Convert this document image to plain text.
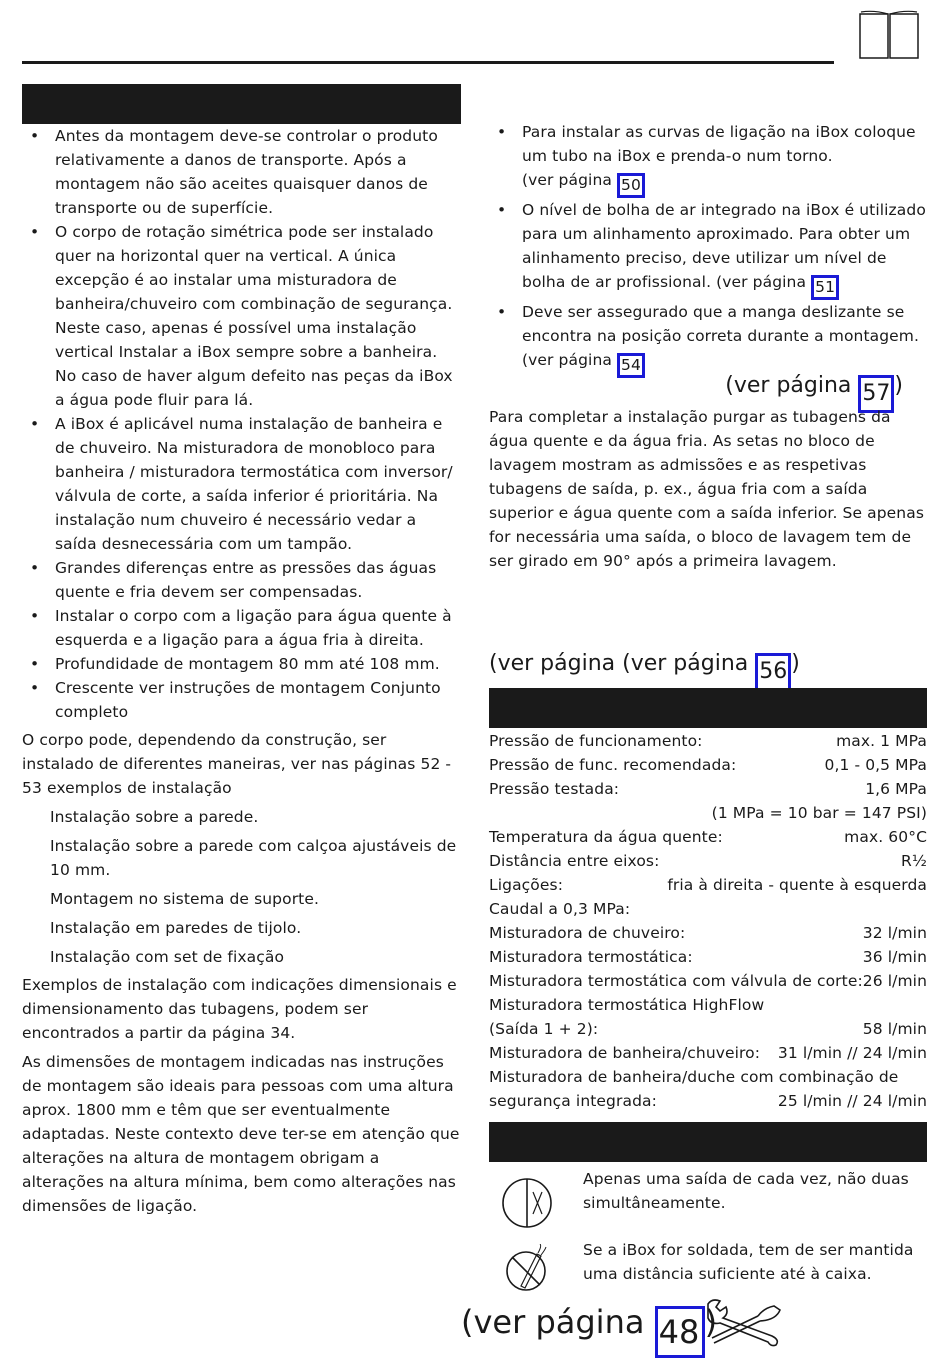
• Antes da montagem deve-se controlar o produto relativamente a danos de transporte. Após a montagem não são aceites quaisquer danos de transporte ou de superfície.
• O corpo de rotação simétrica pode ser instalado quer na horizontal quer na vertical. A única excepção é ao instalar uma misturadora de banheira/chuveiro com combinação de segurança. Neste caso, apenas é possível uma instalação vertical Instalar a iBox sempre sobre a banheira. No caso de haver algum defeito nas peças da iBox a água pode fluir para lá.
• A iBox é aplicável numa instalação de banheira e de chuveiro. Na misturadora de monobloco para banheira / misturadora termostática com inversor/ válvula de corte, a saída inferior é prioritária. Na instalação num chuveiro é necessário vedar a saída desnecessária com um tampão.
• Grandes diferenças entre as pressões das águas quente e fria devem ser compensadas.
• Instalar o corpo com a ligação para água quente à esquerda e a ligação para a água fria à direita.
• Profundidade de montagem 80 mm até 108 mm.
• Crescente ver instruções de montagem Conjunto completo

O corpo pode, dependendo da construção, ser instalado de diferentes maneiras, ver nas páginas 52 - 53 exemplos de instalação

Instalação sobre a parede.

Instalação sobre a parede com calçoa ajustáveis de 10 mm.

Montagem no sistema de suporte.

Instalação em paredes de tijolo.

Instalação com set de fixação

Exemplos de instalação com indicações dimensionais e dimensionamento das tubagens, podem ser encontrados a partir da página 34.

As dimensões de montagem indicadas nas instruções de montagem são ideais para pessoas com uma altura aprox. 1800 mm e têm que ser eventualmente adaptadas. Neste contexto deve ter-se em atenção que alterações na altura de montagem obrigam a alterações na altura mínima, bem como alterações nas dimensões de ligação.

• Para instalar as curvas de ligação na iBox coloque um tubo na iBox e prenda-o num torno.
(ver página 50
• O nível de bolha de ar integrado na iBox é utilizado para um alinhamento aproximado. Para obter um alinhamento preciso, deve utilizar um nível de bolha de ar profissional. (ver página 51
• Deve ser assegurado que a manga deslizante se encontra na posição correta durante a montagem.
(ver página 54
(ver página 57 )

Para completar a instalação purgar as tubagens da água quente e da água fria. As setas no bloco de lavagem mostram as admissões e as respetivas tubagens de saída, p. ex., água fria com a saída superior e água quente com a saída inferior. Se apenas for necessária uma saída, o bloco de lavagem tem de ser girado em 90° após a primeira lavagem.

(ver página (ver página 56 )
Pressão de funcionamento:	max. 1 MPa
Pressão de func. recomendada:	0,1 - 0,5 MPa
Pressão testada:	1,6 MPa
(1 MPa = 10 bar = 147 PSI)
Temperatura da água quente:	max. 60°C
Distância entre eixos:	R½
Ligações:	fria à direita - quente à esquerda
Caudal a 0,3 MPa:
Misturadora de chuveiro:	32 l/min
Misturadora termostática:	36 l/min
Misturadora termostática com válvula de corte: 26 l/min
Misturadora termostática HighFlow
(Saída 1 + 2):	58 l/min
Misturadora de banheira/chuveiro: 31 l/min // 24 l/min
Misturadora de banheira/duche com combinação de
segurança integrada:	25 l/min // 24 l/min

Apenas uma saída de cada vez, não duas simultâneamente.

Se a iBox for soldada, tem de ser mantida uma distância suficiente até à caixa.

(ver página 48 )
